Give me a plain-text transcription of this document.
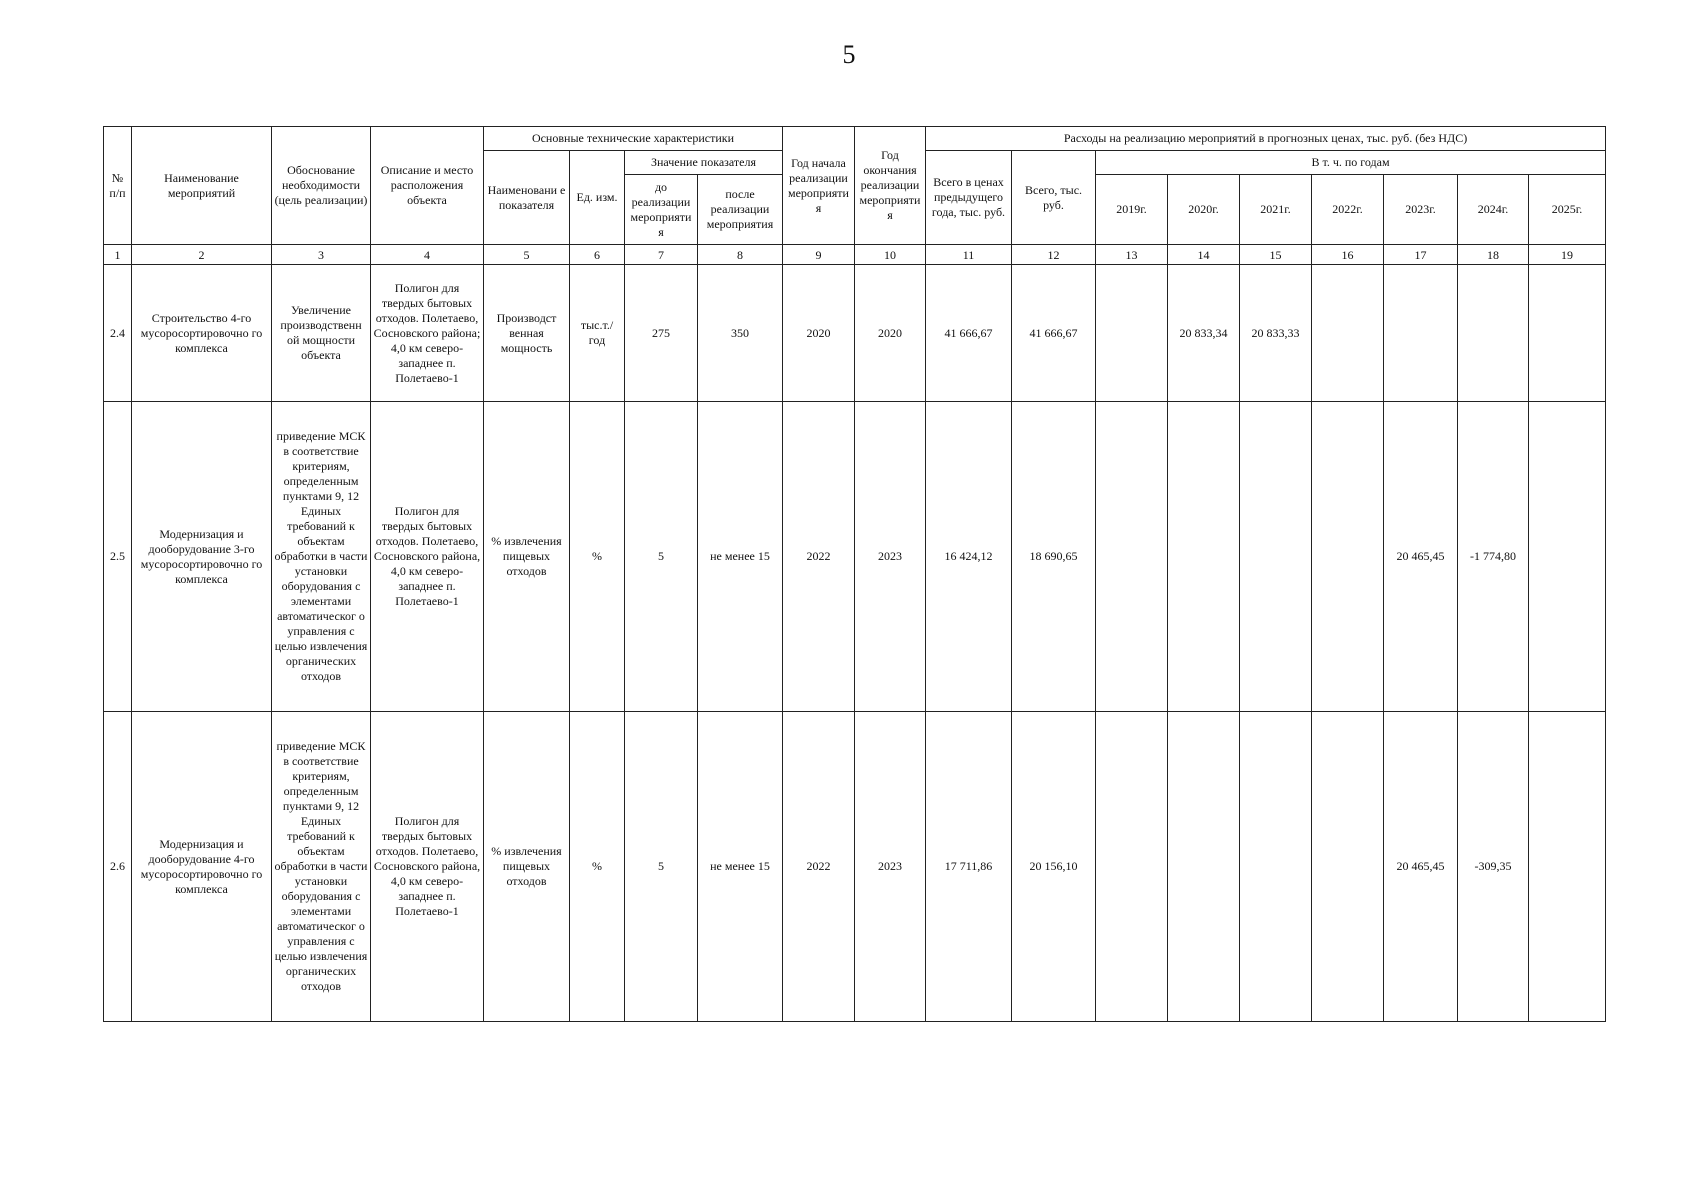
5
№ п/п	Наименование мероприятий	Обоснование необходимости (цель реализации)	Описание и место расположения объекта	Основные технические характеристики				Год начала реализации мероприяти я	Год окончания реализации мероприяти я	Расходы на реализацию мероприятий в прогнозных ценах, тыс. руб. (без НДС)								
				Наименовани е показателя	Ед. изм.	Значение показателя				Всего в ценах предыдущего года, тыс. руб.	Всего, тыс. руб.	В т. ч. по годам						
						до реализации мероприяти я	после реализации мероприятия					2019г.	2020г.	2021г.	2022г.	2023г.	2024г.	2025г.
1	2	3	4	5	6	7	8	9	10	11	12	13	14	15	16	17	18	19
2.4	Строительство 4-го мусоросортировочно го комплекса	Увеличение производственн ой мощности объекта	Полигон для твердых бытовых отходов. Полетаево, Сосновского района; 4,0 км северо-западнее п. Полетаево-1	Производст венная мощность	тыс.т./ год	275	350	2020	2020	41 666,67	41 666,67		20 833,34	20 833,33				
2.5	Модернизация и дооборудование 3-го мусоросортировочно го комплекса	приведение МСК в соответствие критериям, определенным пунктами 9, 12 Единых требований к объектам обработки в части установки оборудования с элементами автоматическог о управления с целью извлечения органических отходов	Полигон для твердых бытовых отходов. Полетаево, Сосновского района, 4,0 км северо-западнее п. Полетаево-1	% извлечения пищевых отходов	%	5	не менее 15	2022	2023	16 424,12	18 690,65					20 465,45	-1 774,80	
2.6	Модернизация и дооборудование 4-го мусоросортировочно го комплекса	приведение МСК в соответствие критериям, определенным пунктами 9, 12 Единых требований к объектам обработки в части установки оборудования с элементами автоматическог о управления с целью извлечения органических отходов	Полигон для твердых бытовых отходов. Полетаево, Сосновского района, 4,0 км северо-западнее п. Полетаево-1	% извлечения пищевых отходов	%	5	не менее 15	2022	2023	17 711,86	20 156,10					20 465,45	-309,35	
